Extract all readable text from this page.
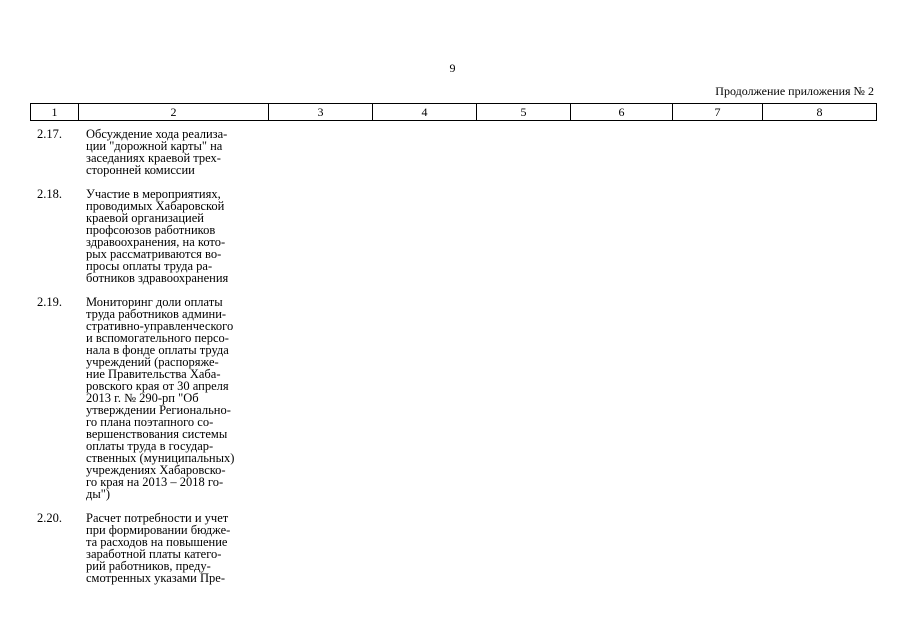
9
Продолжение приложения № 2
1	2	3	4	5	6	7	8
2.17.	Обсуждение хода реализа-
ции "дорожной карты" на
заседаниях краевой трех-
сторонней комиссии
2.18.	Участие в мероприятиях,
проводимых Хабаровской
краевой организацией
профсоюзов работников
здравоохранения, на кото-
рых рассматриваются во-
просы оплаты труда ра-
ботников здравоохранения
2.19.	Мониторинг доли оплаты
труда работников админи-
стративно-управленческого
и вспомогательного персо-
нала в фонде оплаты труда
учреждений (распоряже-
ние Правительства Хаба-
ровского края от 30 апреля
2013 г. № 290-рп "Об
утверждении Регионально-
го плана поэтапного со-
вершенствования системы
оплаты труда в государ-
ственных (муниципальных)
учреждениях Хабаровско-
го края на 2013 – 2018 го-
ды")
2.20.	Расчет потребности и учет
при формировании бюдже-
та расходов на повышение
заработной платы катего-
рий работников, преду-
смотренных указами Пре-
